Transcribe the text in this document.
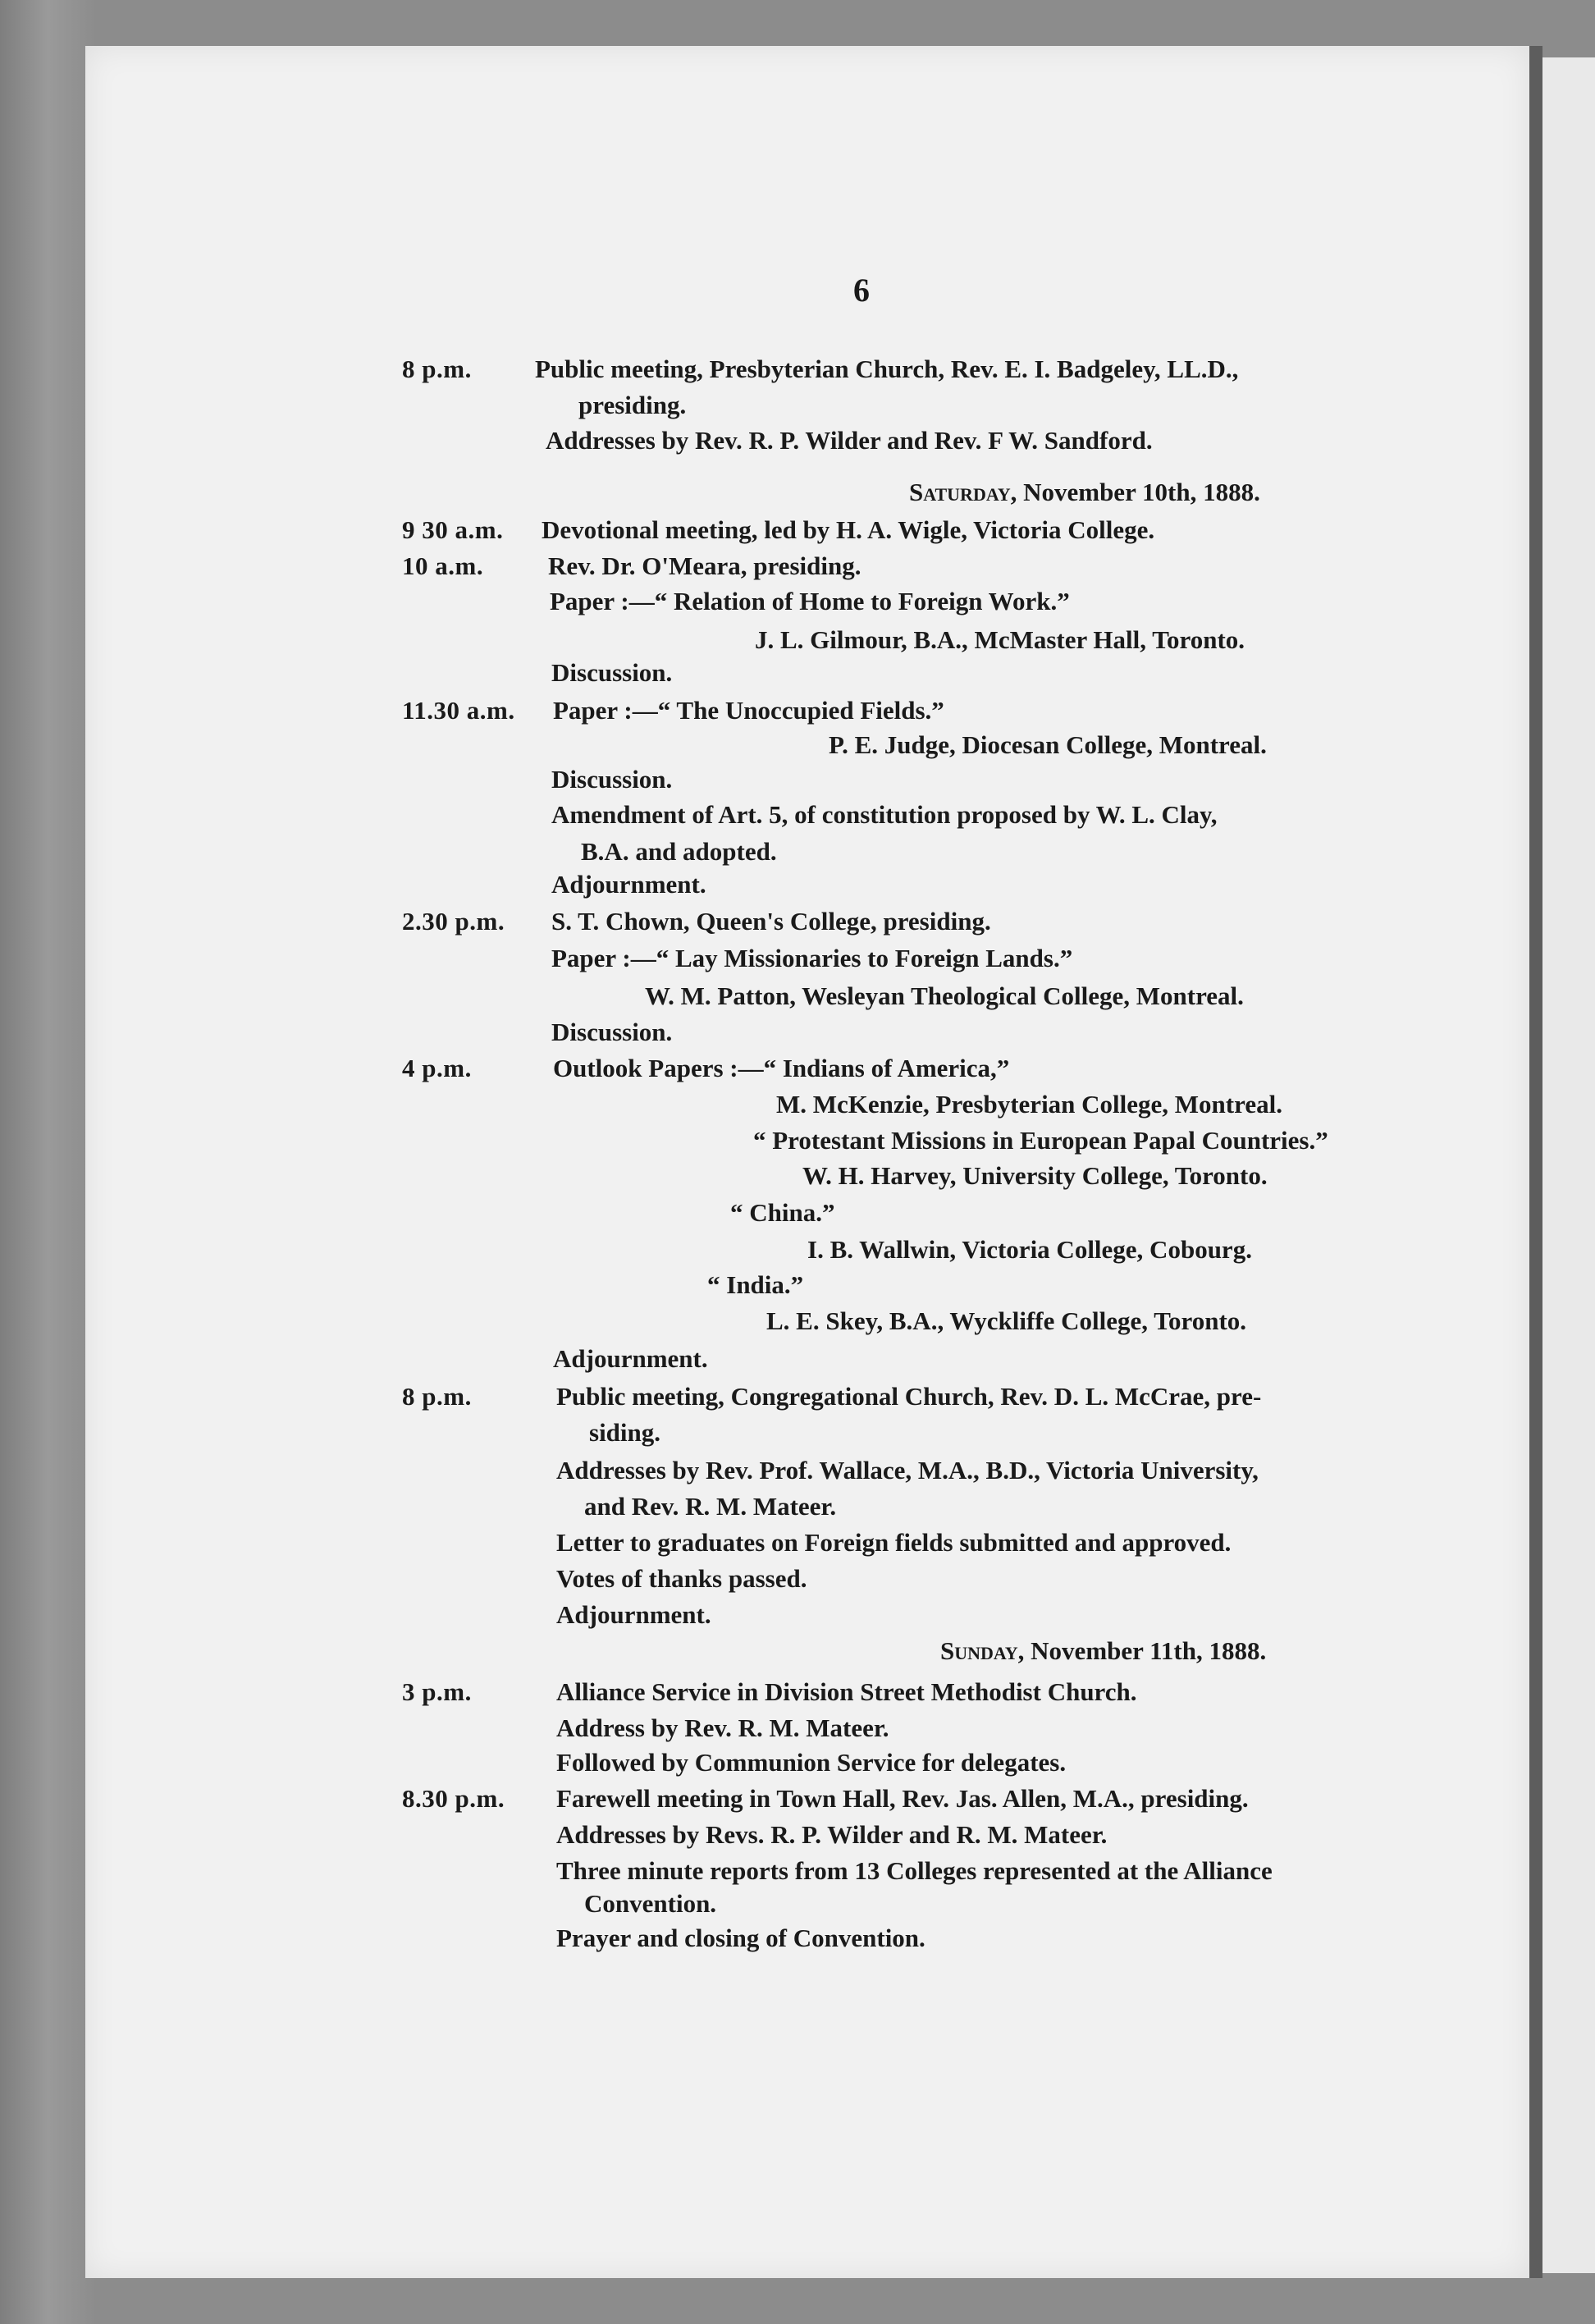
6
8 p.m. Public meeting, Presbyterian Church, Rev. E. I. Badgeley, LL.D.,
presiding.
Addresses by Rev. R. P. Wilder and Rev. F W. Sandford.
Saturday, November 10th, 1888.
9 30 a.m. Devotional meeting, led by H. A. Wigle, Victoria College.
10 a.m.	Rev. Dr. O'Meara, presiding.
Paper :—“ Relation of Home to Foreign Work.”
J. L. Gilmour, B.A., McMaster Hall, Toronto.
Discussion.
11.30 a.m. Paper :—“ The Unoccupied Fields.”
P. E. Judge, Diocesan College, Montreal.
Discussion.
Amendment of Art. 5, of constitution proposed by W. L. Clay,
B.A. and adopted.
Adjournment.
2.30 p.m. S. T. Chown, Queen's College, presiding.
Paper :—“ Lay Missionaries to Foreign Lands.”
W. M. Patton, Wesleyan Theological College, Montreal.
Discussion.
4 p.m.	Outlook Papers :—“ Indians of America,”
M. McKenzie, Presbyterian College, Montreal.
“ Protestant Missions in European Papal Countries.”
W. H. Harvey, University College, Toronto.
“ China.”
I. B. Wallwin, Victoria College, Cobourg.
“ India.”
L. E. Skey, B.A., Wyckliffe College, Toronto.
Adjournment.
8 p.m.	Public meeting, Congregational Church, Rev. D. L. McCrae, pre-
siding.
Addresses by Rev. Prof. Wallace, M.A., B.D., Victoria University,
and Rev. R. M. Mateer.
Letter to graduates on Foreign fields submitted and approved.
Votes of thanks passed.
Adjournment.
Sunday, November 11th, 1888.
3 p.m.	Alliance Service in Division Street Methodist Church.
Address by Rev. R. M. Mateer.
Followed by Communion Service for delegates.
8.30 p.m. Farewell meeting in Town Hall, Rev. Jas. Allen, M.A., presiding.
Addresses by Revs. R. P. Wilder and R. M. Mateer.
Three minute reports from 13 Colleges represented at the Alliance
Convention.
Prayer and closing of Convention.
